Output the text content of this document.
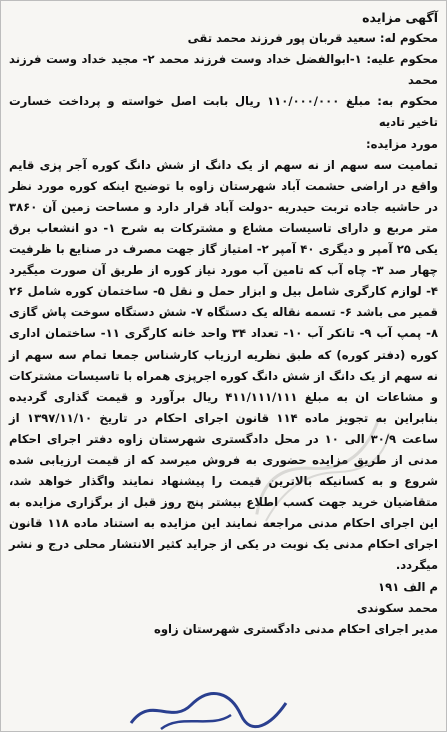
آگهی مزایده
محکوم له: سعید قربان پور فرزند محمد تقی
محکوم علیه: ۱-ابوالفضل خداد وست فرزند محمد ۲- مجید خداد وست فرزند محمد
محکوم به: مبلغ ۱۱۰/۰۰۰/۰۰۰ ریال بابت اصل خواسته و پرداخت خسارت تاخیر تادیه
مورد مزایده:
تمامیت سه سهم از نه سهم از یک دانگ از شش دانگ کوره آجر پزی قایم واقع در اراضی حشمت آباد شهرستان زاوه با توضیح اینکه کوره مورد نظر در حاشیه جاده تربت حیدریه -دولت آباد قرار دارد و مساحت زمین آن ۳۸۶۰ متر مربع و دارای تاسیسات مشاع و مشترکات به شرح ۱- دو انشعاب برق یکی ۲۵ آمپر و دیگری ۴۰ آمپر ۲- امتیاز گاز جهت مصرف در صنایع با ظرفیت چهار صد ۳- چاه آب که تامین آب مورد نیاز کوره از طریق آن صورت میگیرد ۴- لوازم کارگری شامل بیل و ابزار حمل و نقل ۵- ساختمان کوره شامل ۲۶ قمیر می باشد ۶- تسمه نقاله یک دستگاه ۷- شش دستگاه سوخت پاش گازی ۸- پمپ آب ۹- تانکر آب ۱۰- تعداد ۳۴ واحد خانه کارگری ۱۱- ساختمان اداری کوره (دفتر کوره) که طبق نظریه ارزیاب کارشناس جمعا تمام سه سهم از نه سهم از یک دانگ از شش دانگ کوره اجرپزی همراه با تاسیسات مشترکات و مشاعات ان به مبلغ ۴۱۱/۱۱۱/۱۱۱ ریال برآورد و قیمت گذاری گردیده بنابراین به تجویز ماده ۱۱۴ قانون اجرای احکام در تاریخ ۱۳۹۷/۱۱/۱۰ از ساعت ۳۰/۹ الی ۱۰ در محل دادگستری شهرستان زاوه دفتر اجرای احکام مدنی از طریق مزایده حضوری به فروش میرسد که از قیمت ارزیابی شده شروع و به کسانیکه بالاترین قیمت را پیشنهاد نمایند واگذار خواهد شد، متقاضیان خرید جهت کسب اطلاع بیشتر پنج روز قبل از برگزاری مزایده به این اجرای احکام مدنی مراجعه نمایند این مزایده به استناد ماده ۱۱۸ قانون اجرای احکام مدنی یک نوبت در یکی از جراید کثیر الانتشار محلی درج و نشر میگردد.
م الف ۱۹۱
محمد سکوندی
مدیر اجرای احکام مدنی دادگستری شهرستان زاوه
